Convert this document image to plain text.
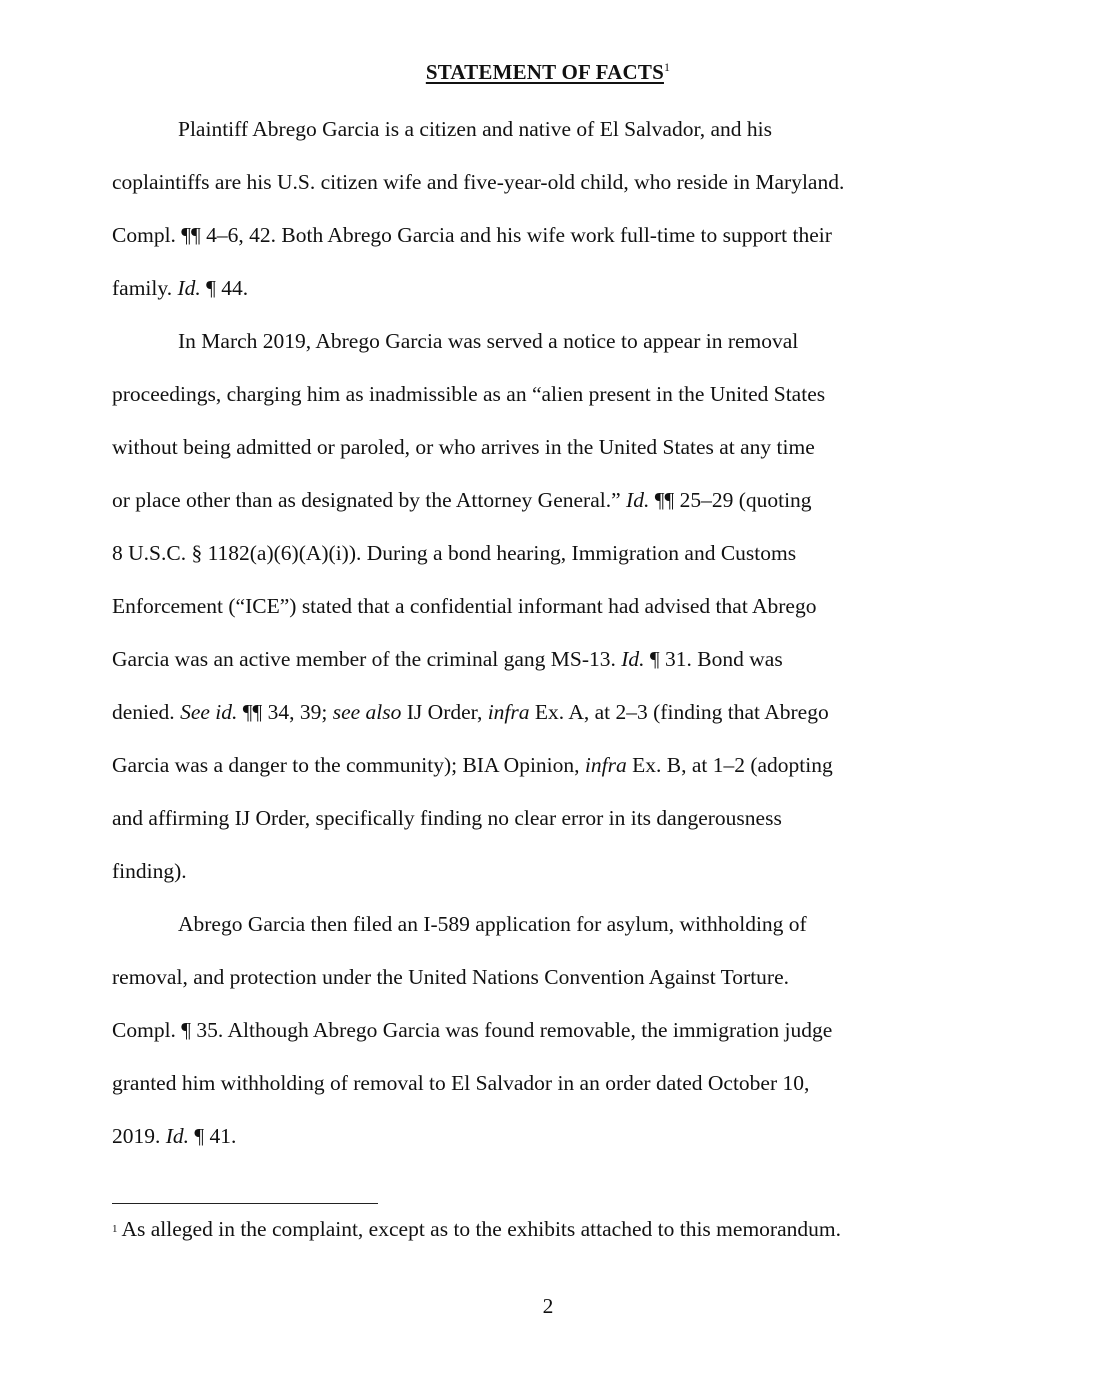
STATEMENT OF FACTS$^1$
Plaintiff Abrego Garcia is a citizen and native of El Salvador, and his
coplaintiffs are his U.S. citizen wife and five-year-old child, who reside in Maryland.
Compl. ¶¶ 4–6, 42. Both Abrego Garcia and his wife work full-time to support their
family. Id. ¶ 44.
In March 2019, Abrego Garcia was served a notice to appear in removal
proceedings, charging him as inadmissible as an “alien present in the United States
without being admitted or paroled, or who arrives in the United States at any time
or place other than as designated by the Attorney General.” Id. ¶¶ 25–29 (quoting
8 U.S.C. § 1182(a)(6)(A)(i)). During a bond hearing, Immigration and Customs
Enforcement (“ICE”) stated that a confidential informant had advised that Abrego
Garcia was an active member of the criminal gang MS-13. Id. ¶ 31. Bond was
denied. See id. ¶¶ 34, 39; see also IJ Order, infra Ex. A, at 2–3 (finding that Abrego
Garcia was a danger to the community); BIA Opinion, infra Ex. B, at 1–2 (adopting
and affirming IJ Order, specifically finding no clear error in its dangerousness
finding).
Abrego Garcia then filed an I-589 application for asylum, withholding of
removal, and protection under the United Nations Convention Against Torture.
Compl. ¶ 35. Although Abrego Garcia was found removable, the immigration judge
granted him withholding of removal to El Salvador in an order dated October 10,
2019. Id. ¶ 41.
$^1$ As alleged in the complaint, except as to the exhibits attached to this memorandum.
2
